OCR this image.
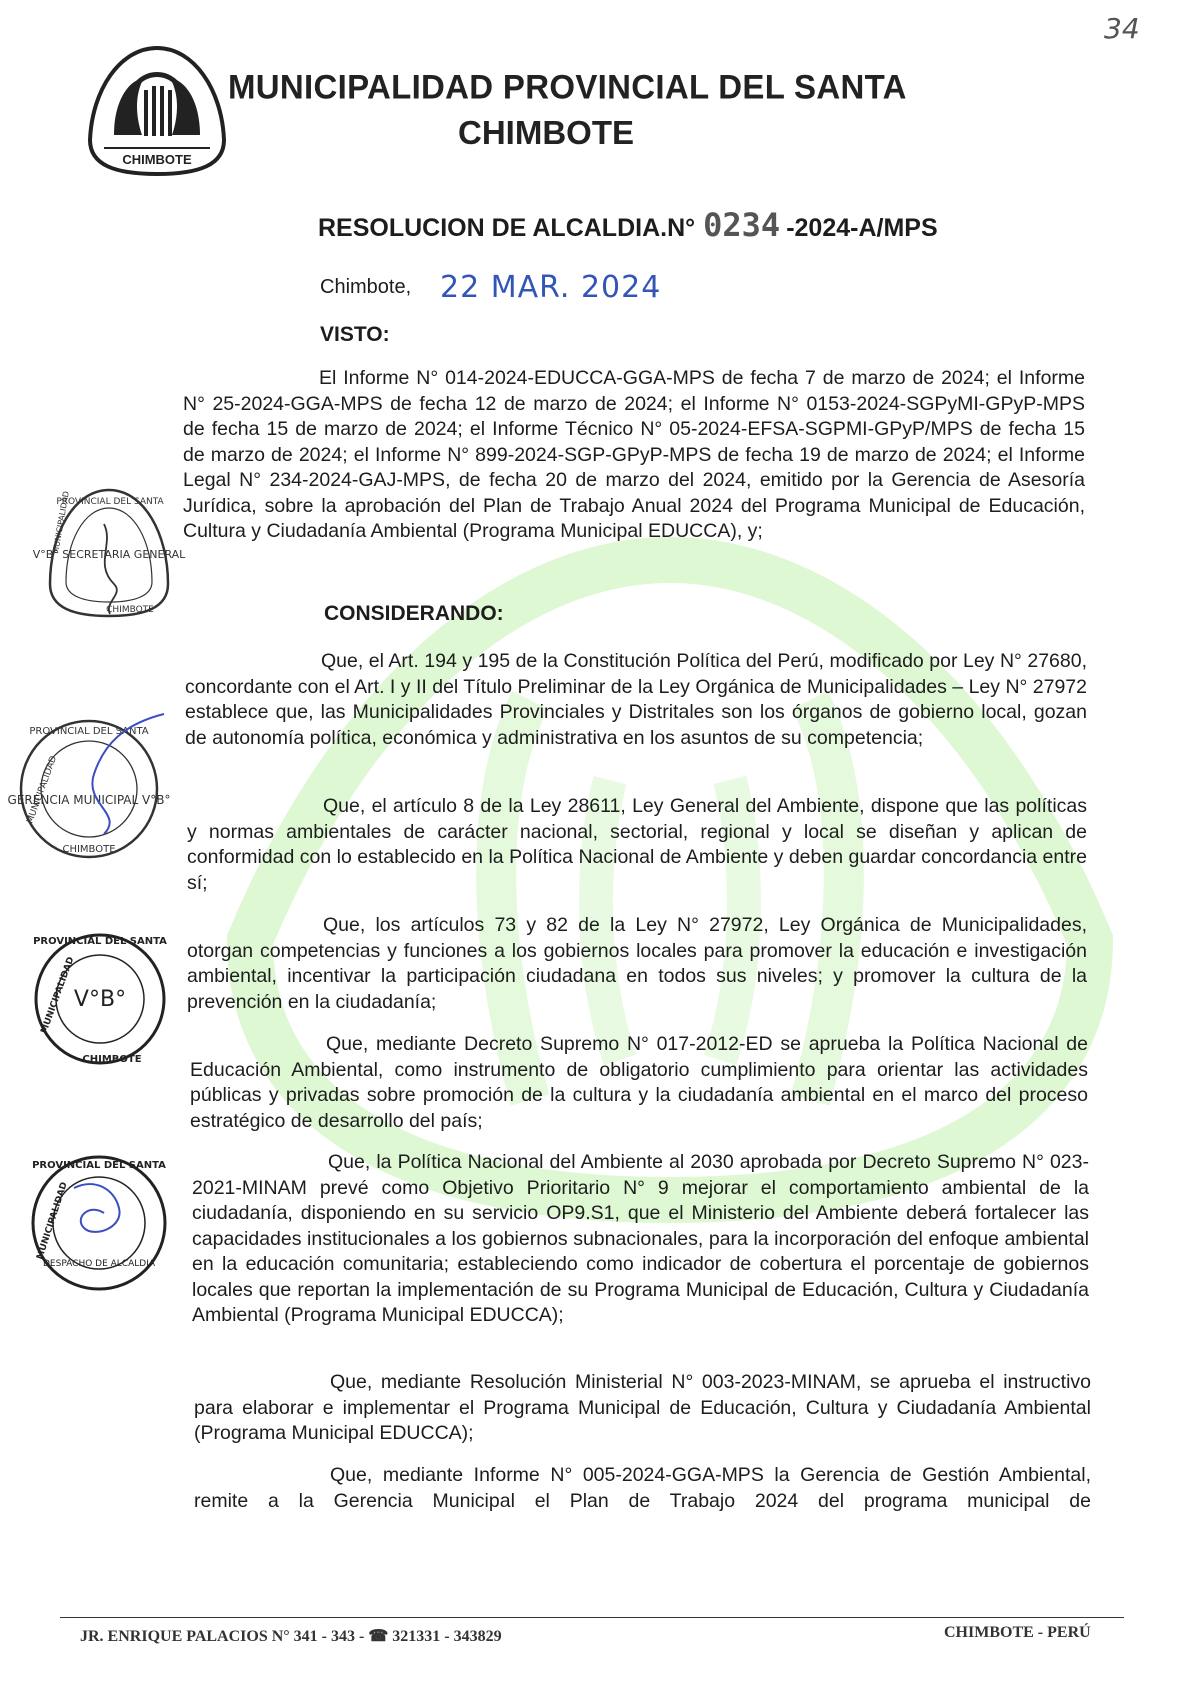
CHIMBOTE
MUNICIPALIDAD PROVINCIAL DEL SANTA
CHIMBOTE
34
RESOLUCION DE ALCALDIA.N° 0234 -2024-A/MPS
Chimbote, 22 MAR. 2024
VISTO:

El Informe N° 014-2024-EDUCCA-GGA-MPS de fecha 7 de marzo de 2024; el Informe N° 25-2024-GGA-MPS de fecha 12 de marzo de 2024; el Informe N° 0153-2024-SGPyMI-GPyP-MPS de fecha 15 de marzo de 2024; el Informe Técnico N° 05-2024-EFSA-SGPMI-GPyP/MPS de fecha 15 de marzo de 2024; el Informe N° 899-2024-SGP-GPyP-MPS de fecha 19 de marzo de 2024; el Informe Legal N° 234-2024-GAJ-MPS, de fecha 20 de marzo del 2024, emitido por la Gerencia de Asesoría Jurídica, sobre la aprobación del Plan de Trabajo Anual 2024 del Programa Municipal de Educación, Cultura y Ciudadanía Ambiental (Programa Municipal EDUCCA), y;

CONSIDERANDO:

Que, el Art. 194 y 195 de la Constitución Política del Perú, modificado por Ley N° 27680, concordante con el Art. I y II del Título Preliminar de la Ley Orgánica de Municipalidades – Ley N° 27972 establece que, las Municipalidades Provinciales y Distritales son los órganos de gobierno local, gozan de autonomía política, económica y administrativa en los asuntos de su competencia;

Que, el artículo 8 de la Ley 28611, Ley General del Ambiente, dispone que las políticas y normas ambientales de carácter nacional, sectorial, regional y local se diseñan y aplican de conformidad con lo establecido en la Política Nacional de Ambiente y deben guardar concordancia entre sí;

Que, los artículos 73 y 82 de la Ley N° 27972, Ley Orgánica de Municipalidades, otorgan competencias y funciones a los gobiernos locales para promover la educación e investigación ambiental, incentivar la participación ciudadana en todos sus niveles; y promover la cultura de la prevención en la ciudadanía;

Que, mediante Decreto Supremo N° 017-2012-ED se aprueba la Política Nacional de Educación Ambiental, como instrumento de obligatorio cumplimiento para orientar las actividades públicas y privadas sobre promoción de la cultura y la ciudadanía ambiental en el marco del proceso estratégico de desarrollo del país;

Que, la Política Nacional del Ambiente al 2030 aprobada por Decreto Supremo N° 023-2021-MINAM prevé como Objetivo Prioritario N° 9 mejorar el comportamiento ambiental de la ciudadanía, disponiendo en su servicio OP9.S1, que el Ministerio del Ambiente deberá fortalecer las capacidades institucionales a los gobiernos subnacionales, para la incorporación del enfoque ambiental en la educación comunitaria; estableciendo como indicador de cobertura el porcentaje de gobiernos locales que reportan la implementación de su Programa Municipal de Educación, Cultura y Ciudadanía Ambiental (Programa Municipal EDUCCA);

Que, mediante Resolución Ministerial N° 003-2023-MINAM, se aprueba el instructivo para elaborar e implementar el Programa Municipal de Educación, Cultura y Ciudadanía Ambiental (Programa Municipal EDUCCA);

Que, mediante Informe N° 005-2024-GGA-MPS la Gerencia de Gestión Ambiental, remite a la Gerencia Municipal el Plan de Trabajo 2024 del programa municipal de

PROVINCIAL DEL SANTA
MUNICIPALIDAD
V°B° SECRETARIA GENERAL
CHIMBOTE
PROVINCIAL DEL SANTA
MUNICIPALIDAD
GERENCIA MUNICIPAL V°B°
CHIMBOTE
PROVINCIAL DEL SANTA
MUNICIPALIDAD
V°B°
CHIMBOTE
PROVINCIAL DEL SANTA
MUNICIPALIDAD
DESPACHO DE ALCALDIA
JR. ENRIQUE PALACIOS N° 341 - 343 - ☎ 321331 - 343829	CHIMBOTE - PERÚ
